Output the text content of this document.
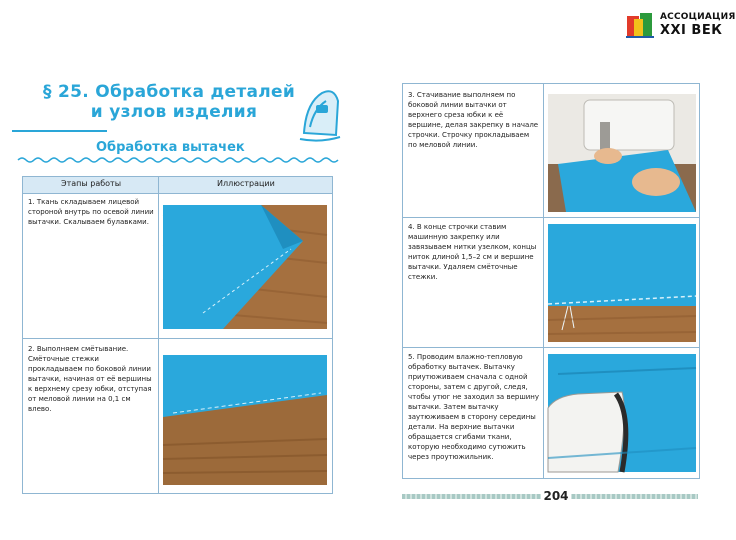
АССОЦИАЦИЯ
XXI ВЕК
§ 25. Обработка деталей
и узлов изделия
Обработка вытачек
Этапы работы	Иллюстрации
1. Ткань складываем лицевой стороной внутрь по осевой линии вытачки. Скалываем булавками.
2. Выполняем смётывание. Смёточные стежки прокладываем по боковой линии вытачки, начиная от её вершины к верхнему срезу юбки, отступая от меловой линии на 0,1 см влево.
3. Стачивание выполняем по боковой линии вытачки от верхнего среза юбки к её вершине, делая закрепку в начале строчки. Строчку прокладываем по меловой линии.
4. В конце строчки ставим машинную закрепку или завязываем нитки узелком, концы ниток длиной 1,5–2 см и вершине вытачки. Удаляем смёточные стежки.
5. Проводим влажно-тепловую обработку вытачек. Вытачку приутюживаем сначала с одной стороны, затем с другой, следя, чтобы утюг не заходил за вершину вытачки. Затем вытачку заутюживаем в сторону середины детали. На верхние вытачки обращается сгибами ткани, которую необходимо сутюжить через проутюжильник.
204
